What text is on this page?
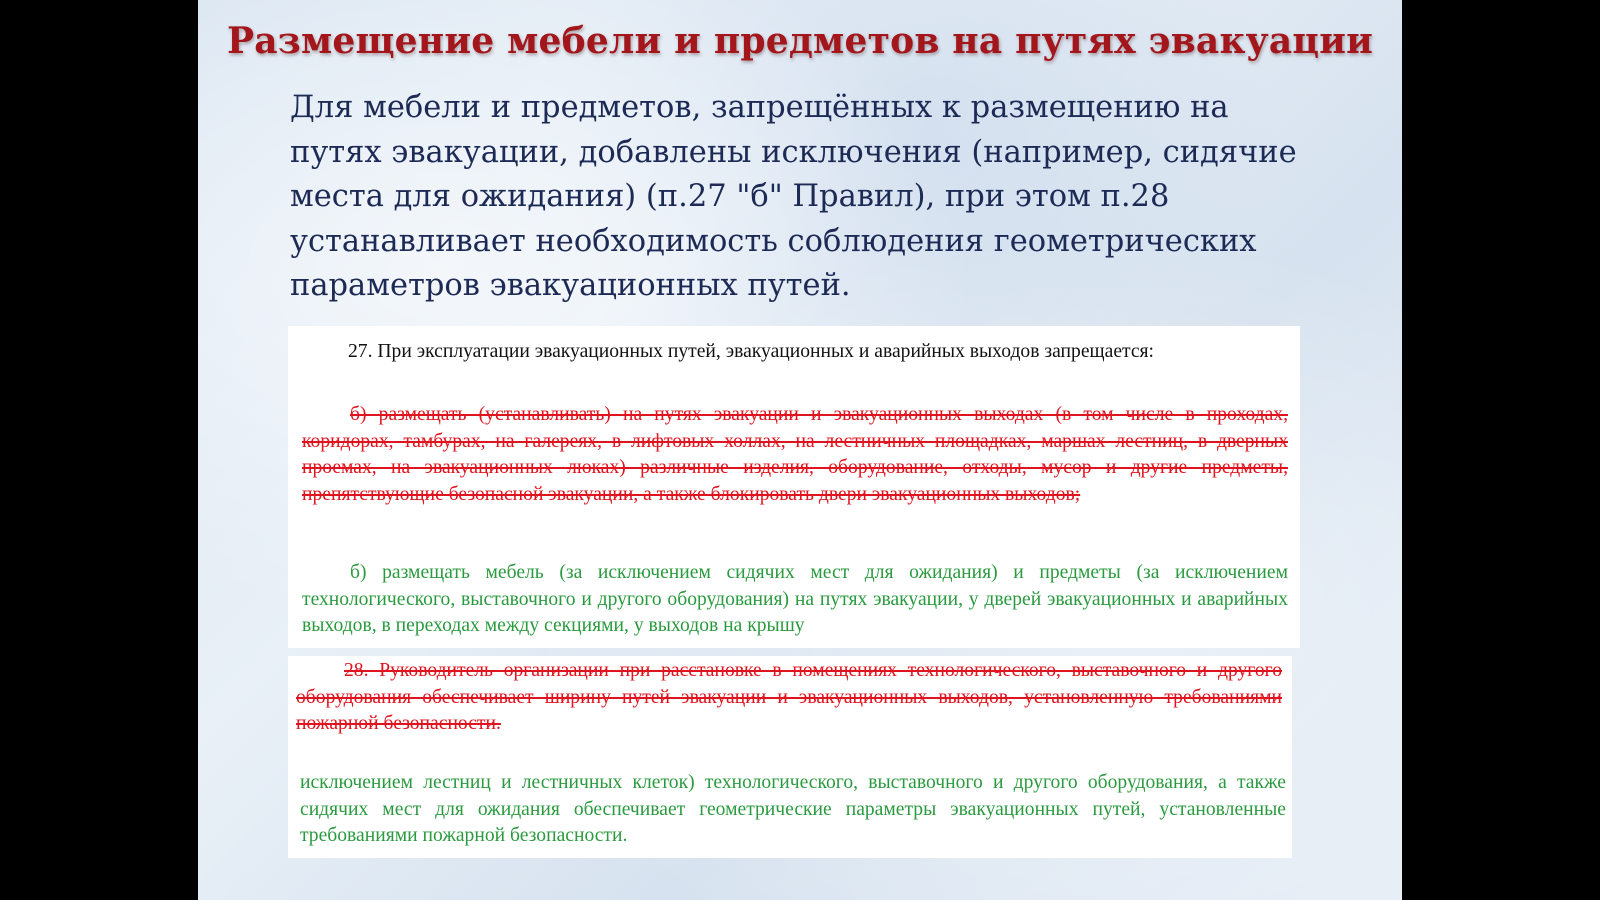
Размещение мебели и предметов на путях эвакуации

Для мебели и предметов, запрещённых к размещению на путях эвакуации, добавлены исключения (например, сидячие места для ожидания) (п.27 "б" Правил), при этом п.28 устанавливает необходимость соблюдения геометрических параметров эвакуационных путей.

27. При эксплуатации эвакуационных путей, эвакуационных и аварийных выходов запрещается:

б) размещать (устанавливать) на путях эвакуации и эвакуационных выходах (в том числе в проходах, коридорах, тамбурах, на галереях, в лифтовых холлах, на лестничных площадках, маршах лестниц, в дверных проемах, на эвакуационных люках) различные изделия, оборудование, отходы, мусор и другие предметы, препятствующие безопасной эвакуации, а также блокировать двери эвакуационных выходов;

б) размещать мебель (за исключением сидячих мест для ожидания) и предметы (за исключением технологического, выставочного и другого оборудования) на путях эвакуации, у дверей эвакуационных и аварийных выходов, в переходах между секциями, у выходов на крышу

28. Руководитель организации при расстановке в помещениях технологического, выставочного и другого оборудования обеспечивает ширину путей эвакуации и эвакуационных выходов, установленную требованиями пожарной безопасности.

исключением лестниц и лестничных клеток) технологического, выставочного и другого оборудования, а также сидячих мест для ожидания обеспечивает геометрические параметры эвакуационных путей, установленные требованиями пожарной безопасности.
